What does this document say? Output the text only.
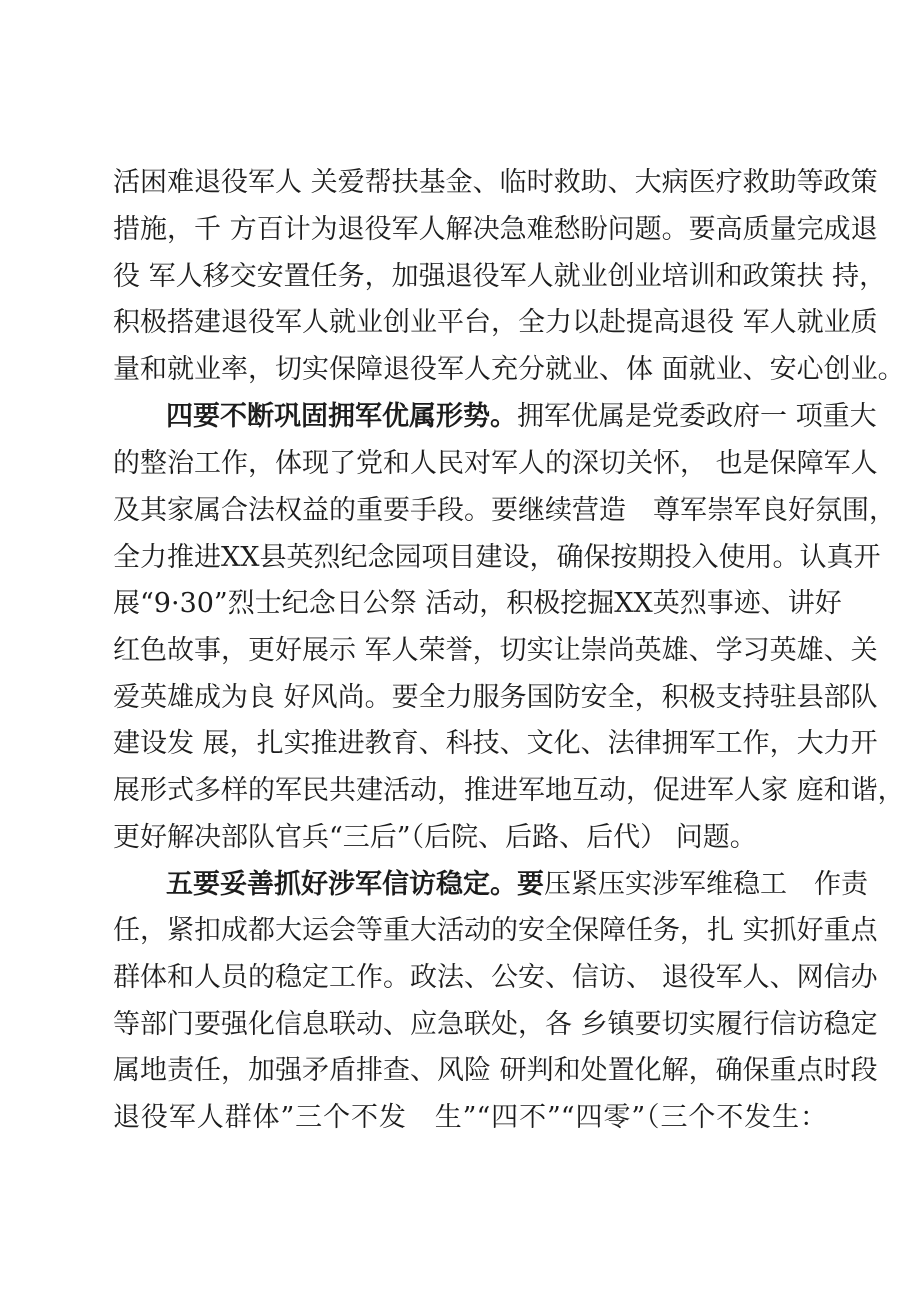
活困难退役军人 关爱帮扶基金、临时救助、大病医疗救助等政策
措施，千 方百计为退役军人解决急难愁盼问题。要高质量完成退
役 军人移交安置任务，加强退役军人就业创业培训和政策扶 持，
积极搭建退役军人就业创业平台，全力以赴提高退役 军人就业质
量和就业率，切实保障退役军人充分就业、体 面就业、安心创业。
四要不断巩固拥军优属形势。拥军优属是党委政府一 项重大
的整治工作，体现了党和人民对军人的深切关怀， 也是保障军人
及其家属合法权益的重要手段。要继续营造　尊军崇军良好氛围，
全力推进XX县英烈纪念园项目建设，确保按期投入使用。认真开
展“9·30”烈士纪念日公祭 活动，积极挖掘XX英烈事迹、讲好
红色故事，更好展示 军人荣誉，切实让崇尚英雄、学习英雄、关
爱英雄成为良 好风尚。要全力服务国防安全，积极支持驻县部队
建设发 展，扎实推进教育、科技、文化、法律拥军工作，大力开
展形式多样的军民共建活动，推进军地互动，促进军人家 庭和谐，
更好解决部队官兵“三后”（后院、后路、后代） 问题。
五要妥善抓好涉军信访稳定。要压紧压实涉军维稳工　作责
任，紧扣成都大运会等重大活动的安全保障任务，扎 实抓好重点
群体和人员的稳定工作。政法、公安、信访、 退役军人、网信办
等部门要强化信息联动、应急联处，各 乡镇要切实履行信访稳定
属地责任，加强矛盾排查、风险 研判和处置化解，确保重点时段
退役军人群体”三个不发　生”“四不”“四零”（三个不发生：
